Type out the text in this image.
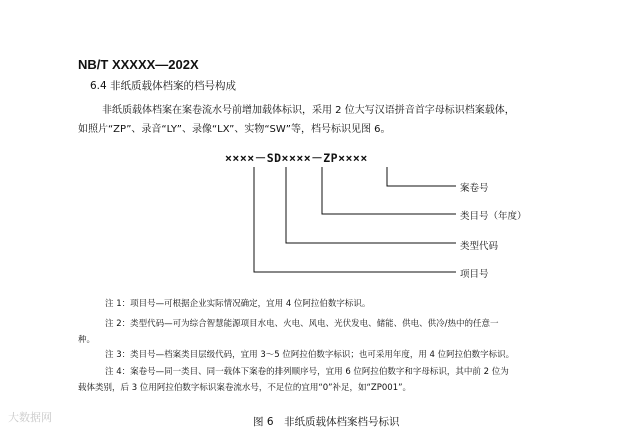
NB/T XXXXX—202X
6.4 非纸质载体档案的档号构成
非纸质载体档案在案卷流水号前增加载体标识，采用 2 位大写汉语拼音首字母标识档案载体，
如照片“ZP”、录音“LY”、录像“LX”、实物“SW”等，档号标识见图 6。
××××－SD××××－ZP××××
案卷号
类目号（年度）
类型代码
项目号
注 1：项目号—可根据企业实际情况确定，宜用 4 位阿拉伯数字标识。
注 2：类型代码—可为综合智慧能源项目水电、火电、风电、光伏发电、储能、供电、供冷/热中的任意一
种。
注 3：类目号—档案类目层级代码，宜用 3～5 位阿拉伯数字标识；也可采用年度，用 4 位阿拉伯数字标识。
注 4：案卷号—同一类目、同一载体下案卷的排列顺序号，宜用 6 位阿拉伯数字和字母标识，其中前 2 位为
载体类别，后 3 位用阿拉伯数字标识案卷流水号，不足位的宜用“0”补足，如“ZP001”。
大数据网	图 6　非纸质载体档案档号标识
